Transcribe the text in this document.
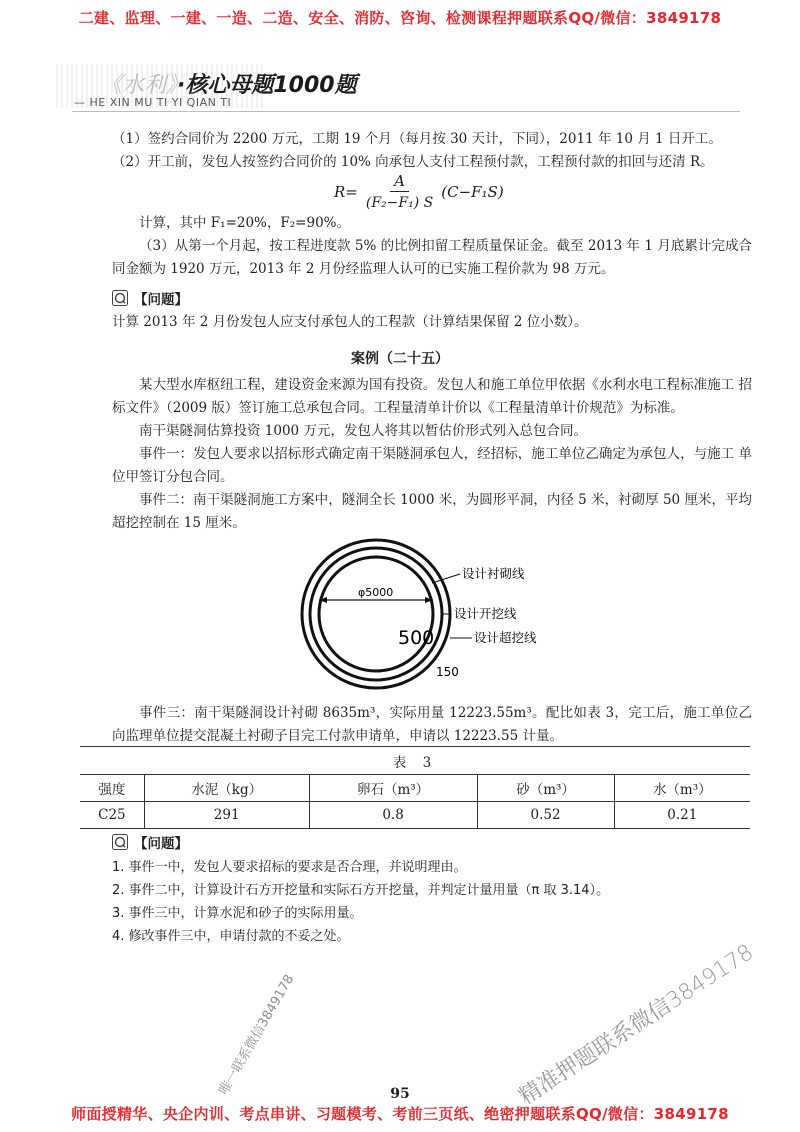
二建、监理、一建、一造、二造、安全、消防、咨询、检测课程押题联系QQ/微信：3849178
《水利》·核心母题1000题
— HE XIN MU TI YI QIAN TI
（1）签约合同价为 2200 万元，工期 19 个月（每月按 30 天计，下同），2011 年 10 月 1 日开工。
（2）开工前，发包人按签约合同价的 10% 向承包人支付工程预付款，工程预付款的扣回与还清 R。
$R= \frac{A}{\text{(F₂−F₁) S}} (C-F_1S)$
计算，其中 F₁=20%，F₂=90%。
（3）从第一个月起，按工程进度款 5% 的比例扣留工程质量保证金。截至 2013 年 1 月底累计完成合同金额为 1920 万元，2013 年 2 月份经监理人认可的已实施工程价款为 98 万元。
【问题】
计算 2013 年 2 月份发包人应支付承包人的工程款（计算结果保留 2 位小数）。
案例（二十五）
某大型水库枢纽工程，建设资金来源为国有投资。发包人和施工单位甲依据《水利水电工程标准施工 招标文件》（2009 版）签订施工总承包合同。工程量清单计价以《工程量清单计价规范》为标准。
南干渠隧洞估算投资 1000 万元，发包人将其以暂估价形式列入总包合同。
事件一：发包人要求以招标形式确定南干渠隧洞承包人，经招标，施工单位乙确定为承包人，与施工 单位甲签订分包合同。
事件二：南干渠隧洞施工方案中，隧洞全长 1000 米，为圆形平洞，内径 5 米，衬砌厚 50 厘米，平均 超挖控制在 15 厘米。
φ5000
500
150
设计衬砌线
设计开挖线
设计超挖线
事件三：南干渠隧洞设计衬砌 8635m³，实际用量 12223.55m³。配比如表 3，完工后，施工单位乙向监理单位提交混凝土衬砌子目完工付款申请单，申请以 12223.55 计量。
表 3				
强度	水泥（kg）	卵石（m³）	砂（m³）	水（m³）
C25	291	0.8	0.52	0.21
【问题】
1. 事件一中，发包人要求招标的要求是否合理，并说明理由。
2. 事件二中，计算设计石方开挖量和实际石方开挖量，并判定计量用量（π 取 3.14）。
3. 事件三中，计算水泥和砂子的实际用量。
4. 修改事件三中，申请付款的不妥之处。
唯一联系微信3849178	精准押题联系微信3849178
95
师面授精华、央企内训、考点串讲、习题模考、考前三页纸、绝密押题联系QQ/微信：3849178
